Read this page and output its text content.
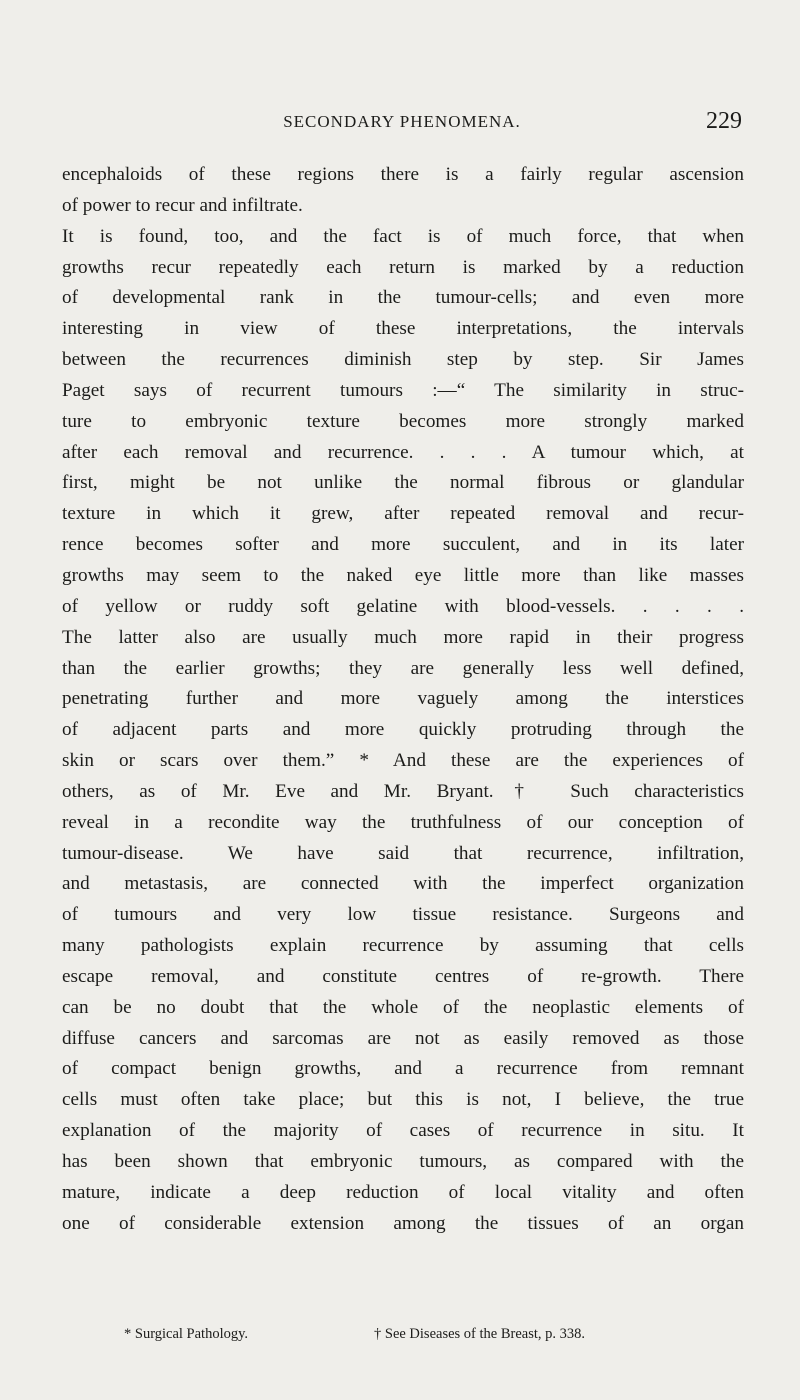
SECONDARY PHENOMENA.	229
encephaloids of these regions there is a fairly regular ascension
of power to recur and infiltrate.
It is found, too, and the fact is of much force, that when
growths recur repeatedly each return is marked by a reduction
of developmental rank in the tumour-cells; and even more
interesting in view of these interpretations, the intervals
between the recurrences diminish step by step. Sir James
Paget says of recurrent tumours :—“ The similarity in struc-
ture to embryonic texture becomes more strongly marked
after each removal and recurrence. . . . A tumour which, at
first, might be not unlike the normal fibrous or glandular
texture in which it grew, after repeated removal and recur-
rence becomes softer and more succulent, and in its later
growths may seem to the naked eye little more than like masses
of yellow or ruddy soft gelatine with blood-vessels. . . . .
The latter also are usually much more rapid in their progress
than the earlier growths; they are generally less well defined,
penetrating further and more vaguely among the interstices
of adjacent parts and more quickly protruding through the
skin or scars over them.” * And these are the experiences of
others, as of Mr. Eve and Mr. Bryant.† Such characteristics
reveal in a recondite way the truthfulness of our conception of
tumour-disease. We have said that recurrence, infiltration,
and metastasis, are connected with the imperfect organization
of tumours and very low tissue resistance. Surgeons and
many pathologists explain recurrence by assuming that cells
escape removal, and constitute centres of re-growth. There
can be no doubt that the whole of the neoplastic elements of
diffuse cancers and sarcomas are not as easily removed as those
of compact benign growths, and a recurrence from remnant
cells must often take place; but this is not, I believe, the true
explanation of the majority of cases of recurrence in situ. It
has been shown that embryonic tumours, as compared with the
mature, indicate a deep reduction of local vitality and often
one of considerable extension among the tissues of an organ
* Surgical Pathology.	† See Diseases of the Breast, p. 338.
